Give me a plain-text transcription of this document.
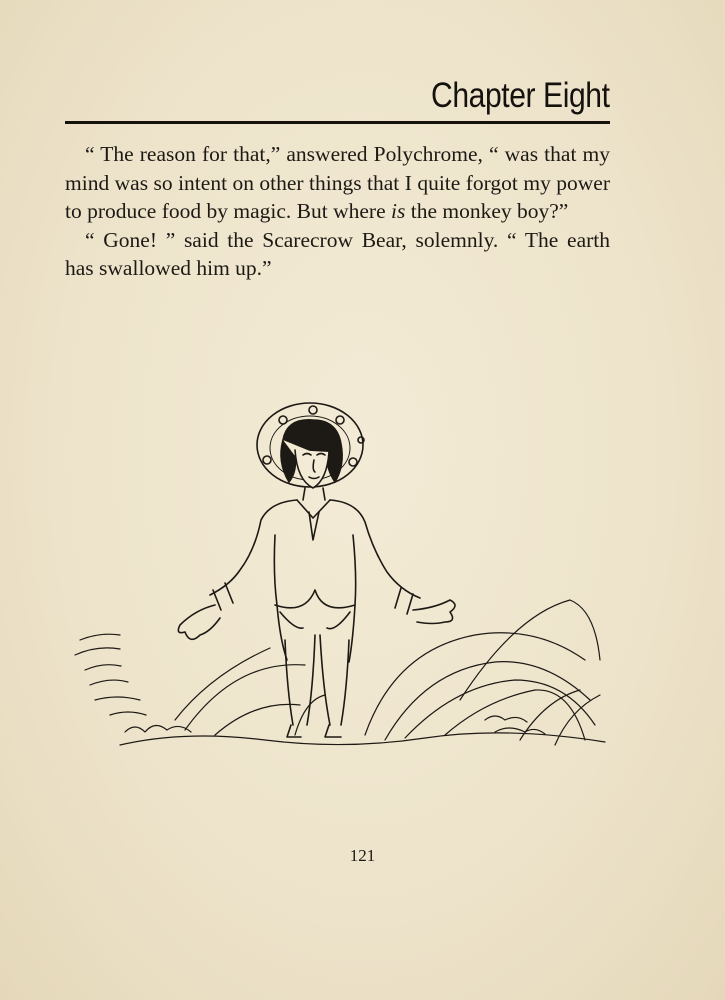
Chapter Eight

“ The reason for that,” answered Polychrome, “ was that my mind was so intent on other things that I quite forgot my power to produce food by magic. But where is the monkey boy?”

“ Gone! ” said the Scarecrow Bear, solemnly. “ The earth has swallowed him up.”

121
